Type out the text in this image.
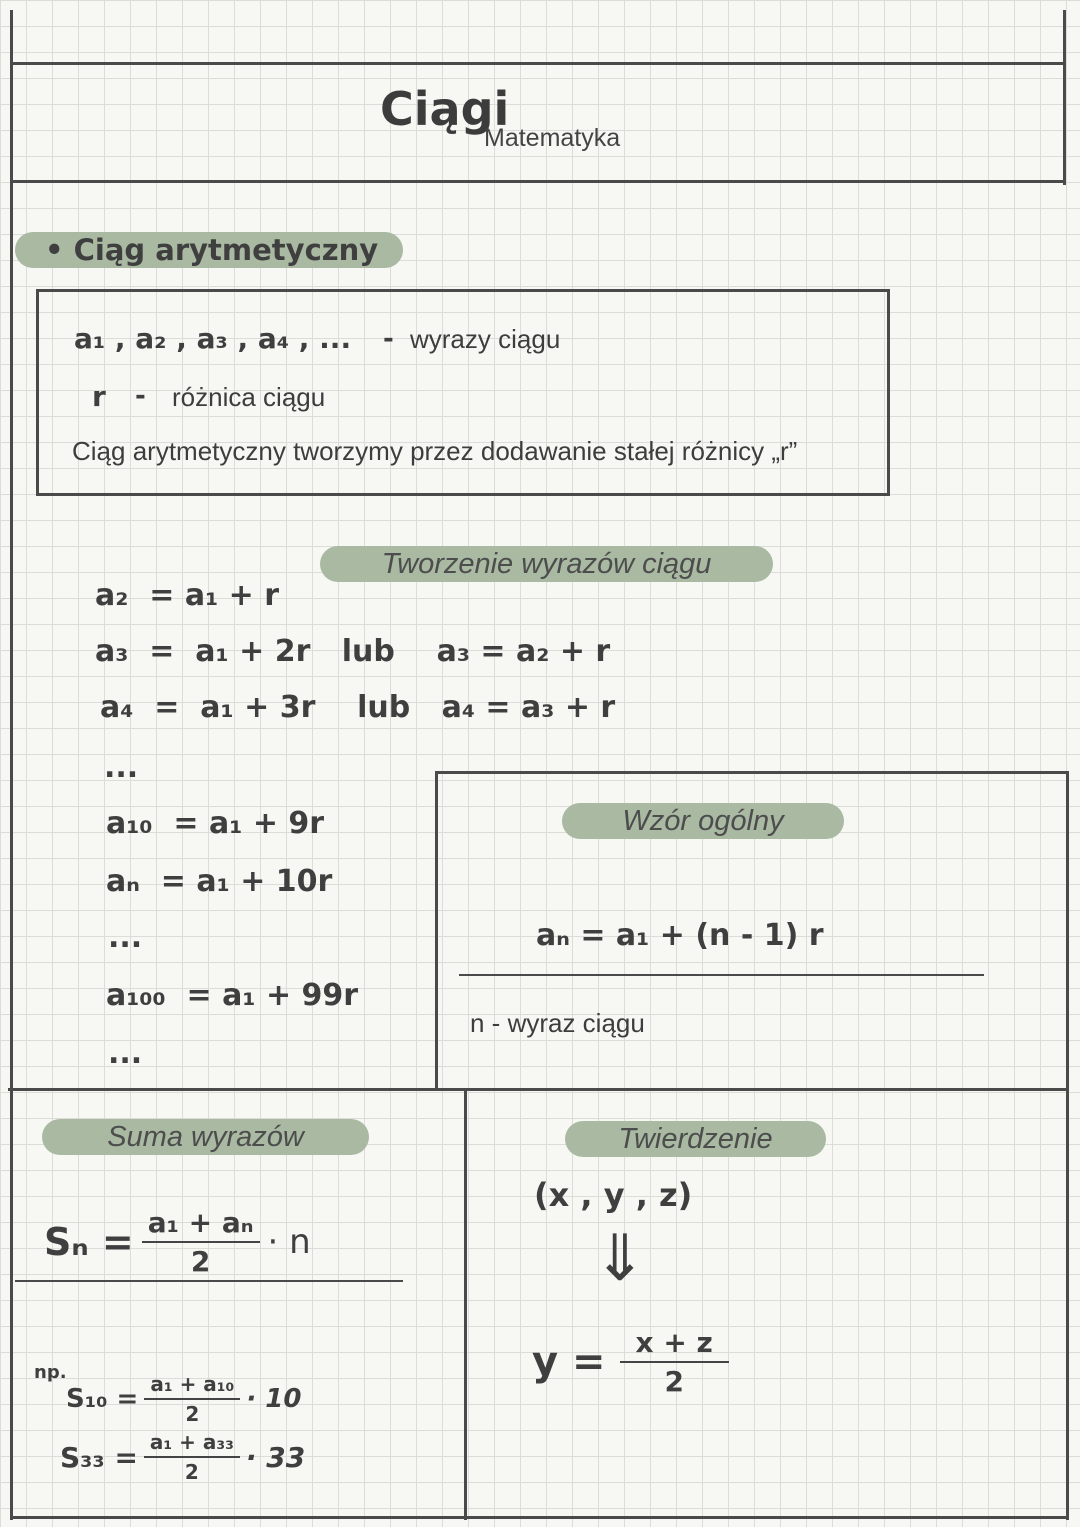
Ciągi
Matematyka
• Ciąg arytmetyczny
a₁ , a₂ , a₃ , a₄ , ... - wyrazy ciągu
r - różnica ciągu
Ciąg arytmetyczny tworzymy przez dodawanie stałej różnicy „r”
Tworzenie wyrazów ciągu
a₂  = a₁ + r
a₃  =  a₁ + 2r   lub    a₃ = a₂ + r
a₄  =  a₁ + 3r    lub   a₄ = a₃ + r
...
a₁₀  = a₁ + 9r
aₙ  = a₁ + 10r
...
a₁₀₀  = a₁ + 99r
...
Wzór ogólny
aₙ = a₁ + (n - 1) r
n - wyraz ciągu
Suma wyrazów
$S_n = \frac{\text{a₁ + aₙ}}{2} \cdot n$
np.
$S_{10} = \frac{\text{a₁ + a₁₀}}{2} \cdot 10$
$S_{33} = \frac{\text{a₁ + a₃₃}}{2} \cdot 33$
Twierdzenie
(x , y , z)
⇓
$y = \frac{x + z}{2}$
